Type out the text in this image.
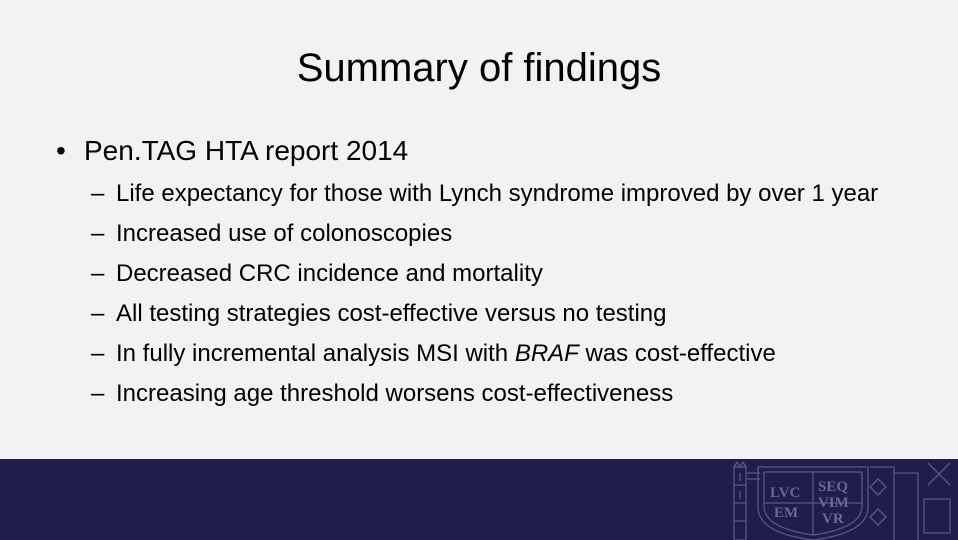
Summary of findings
• Pen.TAG HTA report 2014
– Life expectancy for those with Lynch syndrome improved by over 1 year
– Increased use of colonoscopies
– Decreased CRC incidence and mortality
– All testing strategies cost-effective versus no testing
– In fully incremental analysis MSI with BRAF was cost-effective
– Increasing age threshold worsens cost-effectiveness
LVC SEQ
VIM
EM VR
